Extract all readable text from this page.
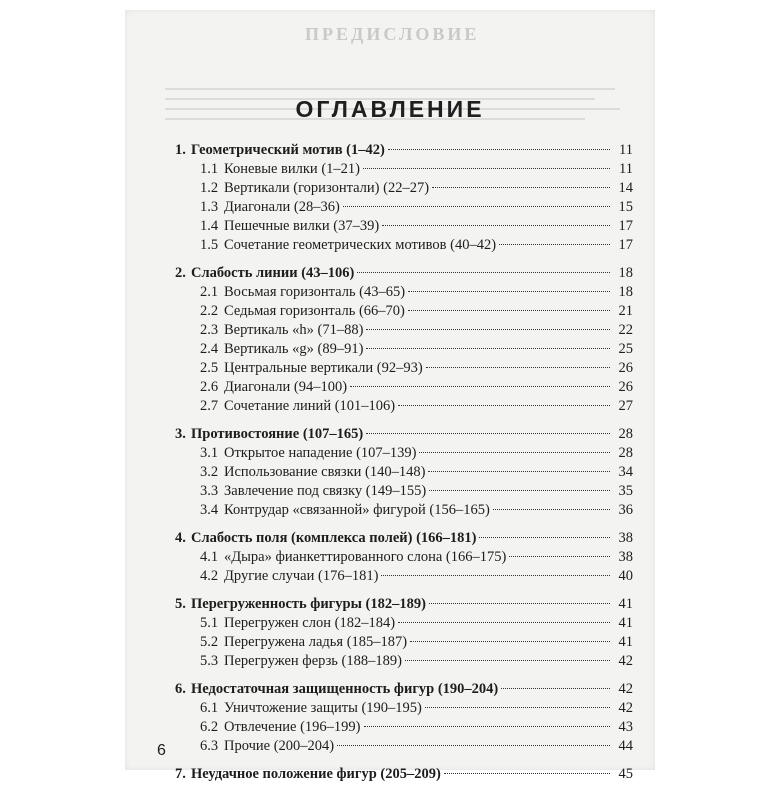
ПРЕДИСЛОВИЕ
ОГЛАВЛЕНИЕ
1. Геометрический мотив (1–42)	11
1.1 Коневые вилки (1–21)	11
1.2 Вертикали (горизонтали) (22–27)	14
1.3 Диагонали (28–36)	15
1.4 Пешечные вилки (37–39)	17
1.5 Сочетание геометрических мотивов (40–42)	17
2. Слабость линии (43–106)	18
2.1 Восьмая горизонталь (43–65)	18
2.2 Седьмая горизонталь (66–70)	21
2.3 Вертикаль «h» (71–88)	22
2.4 Вертикаль «g» (89–91)	25
2.5 Центральные вертикали (92–93)	26
2.6 Диагонали (94–100)	26
2.7 Сочетание линий (101–106)	27
3. Противостояние (107–165)	28
3.1 Открытое нападение (107–139)	28
3.2 Использование связки (140–148)	34
3.3 Завлечение под связку (149–155)	35
3.4 Контрудар «связанной» фигурой (156–165)	36
4. Слабость поля (комплекса полей) (166–181)	38
4.1 «Дыра» фианкеттированного слона (166–175)	38
4.2 Другие случаи (176–181)	40
5. Перегруженность фигуры (182–189)	41
5.1 Перегружен слон (182–184)	41
5.2 Перегружена ладья (185–187)	41
5.3 Перегружен ферзь (188–189)	42
6. Недостаточная защищенность фигур (190–204)	42
6.1 Уничтожение защиты (190–195)	42
6.2 Отвлечение (196–199)	43
6.3 Прочие (200–204)	44
7. Неудачное положение фигур (205–209)	45
6
